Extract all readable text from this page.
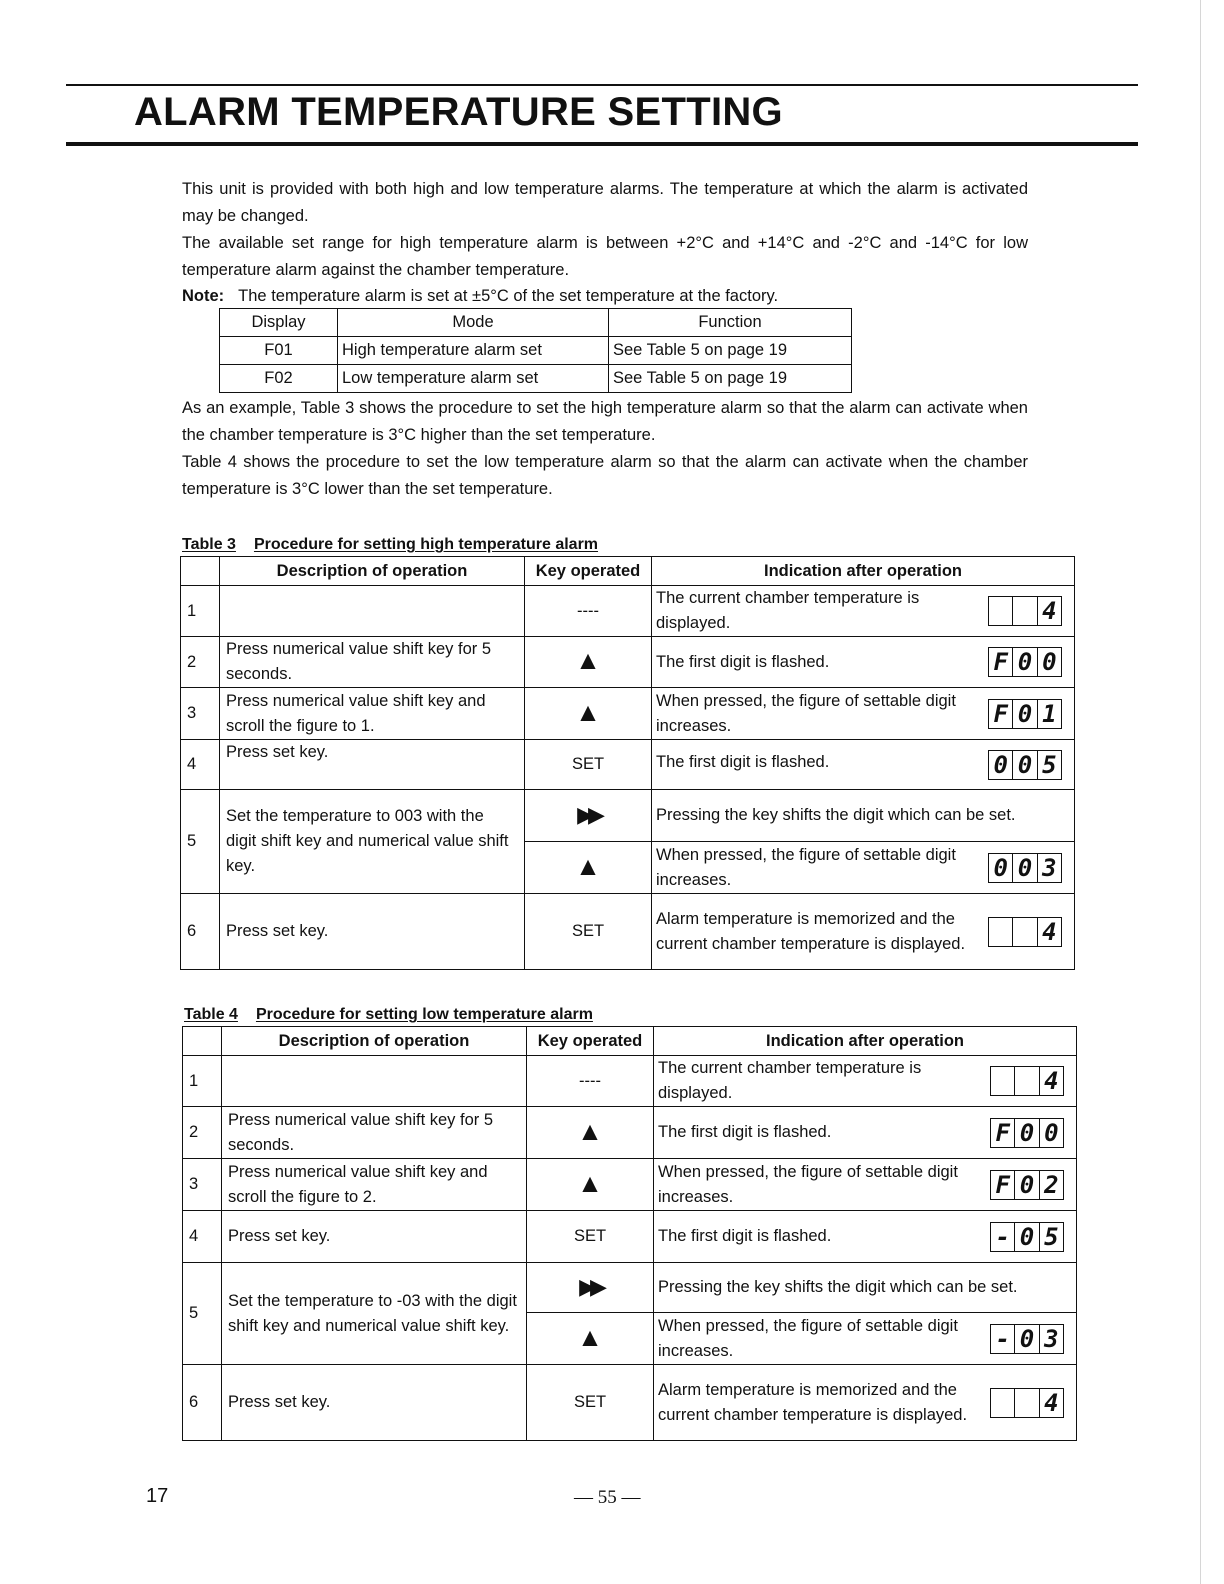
ALARM TEMPERATURE SETTING

This unit is provided with both high and low temperature alarms. The temperature at which the alarm is activated may be changed.

The available set range for high temperature alarm is between +2°C and +14°C and -2°C and -14°C for low temperature alarm against the chamber temperature.

Note: The temperature alarm is set at ±5°C of the set temperature at the factory.
Display	Mode	Function
F01	High temperature alarm set	See Table 5 on page 19
F02	Low temperature alarm set	See Table 5 on page 19

As an example, Table 3 shows the procedure to set the high temperature alarm so that the alarm can activate when the chamber temperature is 3°C higher than the set temperature.

Table 4 shows the procedure to set the low temperature alarm so that the alarm can activate when the chamber temperature is 3°C lower than the set temperature.

Table 3 Procedure for setting high temperature alarm
	Description of operation	Key operated	Indication after operation
1		----	The current chamber temperature is displayed. 4

2	Press numerical value shift key for 5 seconds.	▲	The first digit is flashed. F 0 0

3	Press numerical value shift key and scroll the figure to 1.	▲	When pressed, the figure of settable digit increases. F 0 1

4	Press set key.	SET	The first digit is flashed. 0 0 5

5	Set the temperature to 003 with the digit shift key and numerical value shift key.	▶▶	Pressing the key shifts the digit which can be set.
		▲	When pressed, the figure of settable digit increases. 0 0 3

6	Press set key.	SET	Alarm temperature is memorized and the current chamber temperature is displayed. 4
Table 4 Procedure for setting low temperature alarm
	Description of operation	Key operated	Indication after operation
1		----	The current chamber temperature is displayed. 4

2	Press numerical value shift key for 5 seconds.	▲	The first digit is flashed. F 0 0

3	Press numerical value shift key and scroll the figure to 2.	▲	When pressed, the figure of settable digit increases. F 0 2

4	Press set key.	SET	The first digit is flashed. - 0 5

5	Set the temperature to -03 with the digit shift key and numerical value shift key.	▶▶	Pressing the key shifts the digit which can be set.
		▲	When pressed, the figure of settable digit increases. - 0 3

6	Press set key.	SET	Alarm temperature is memorized and the current chamber temperature is displayed. 4
17	— 55 —
